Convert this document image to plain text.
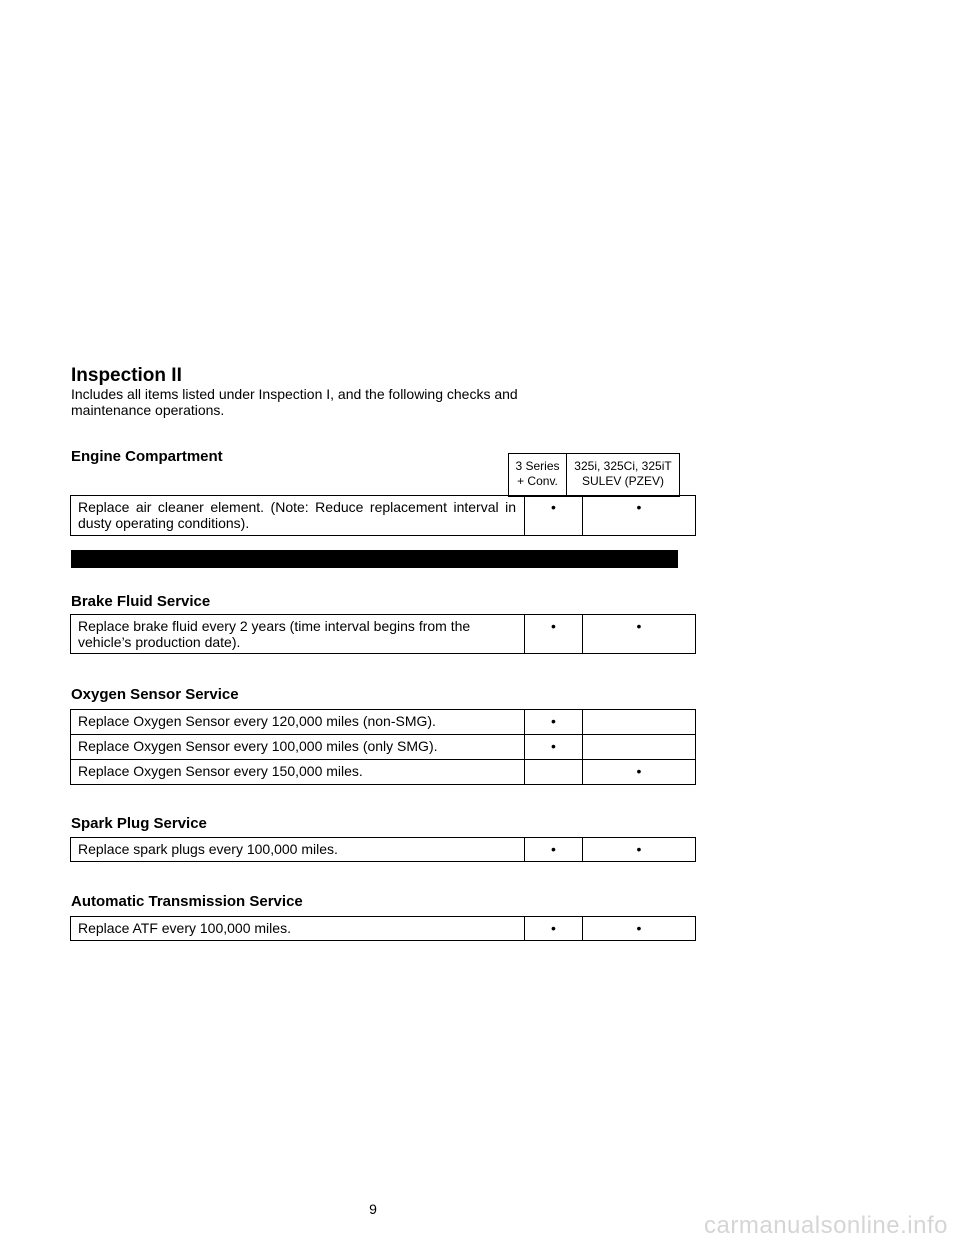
Inspection II

Includes all items listed under Inspection I, and the following checks and maintenance operations.

Engine Compartment
3 Series
+ Conv.	325i, 325Ci, 325iT
SULEV (PZEV)
Replace air cleaner element. (Note: Reduce replacement interval in dusty operating conditions).	•	•
Brake Fluid Service
Replace brake fluid every 2 years (time interval begins from the vehicle’s production date).	•	•
Oxygen Sensor Service
Replace Oxygen Sensor every 120,000 miles (non-SMG).	•	
Replace Oxygen Sensor every 100,000 miles (only SMG).	•	
Replace Oxygen Sensor every 150,000 miles.		•
Spark Plug Service
Replace spark plugs every 100,000 miles.	•	•
Automatic Transmission Service
Replace ATF every 100,000 miles.	•	•
9
carmanualsonline.info
